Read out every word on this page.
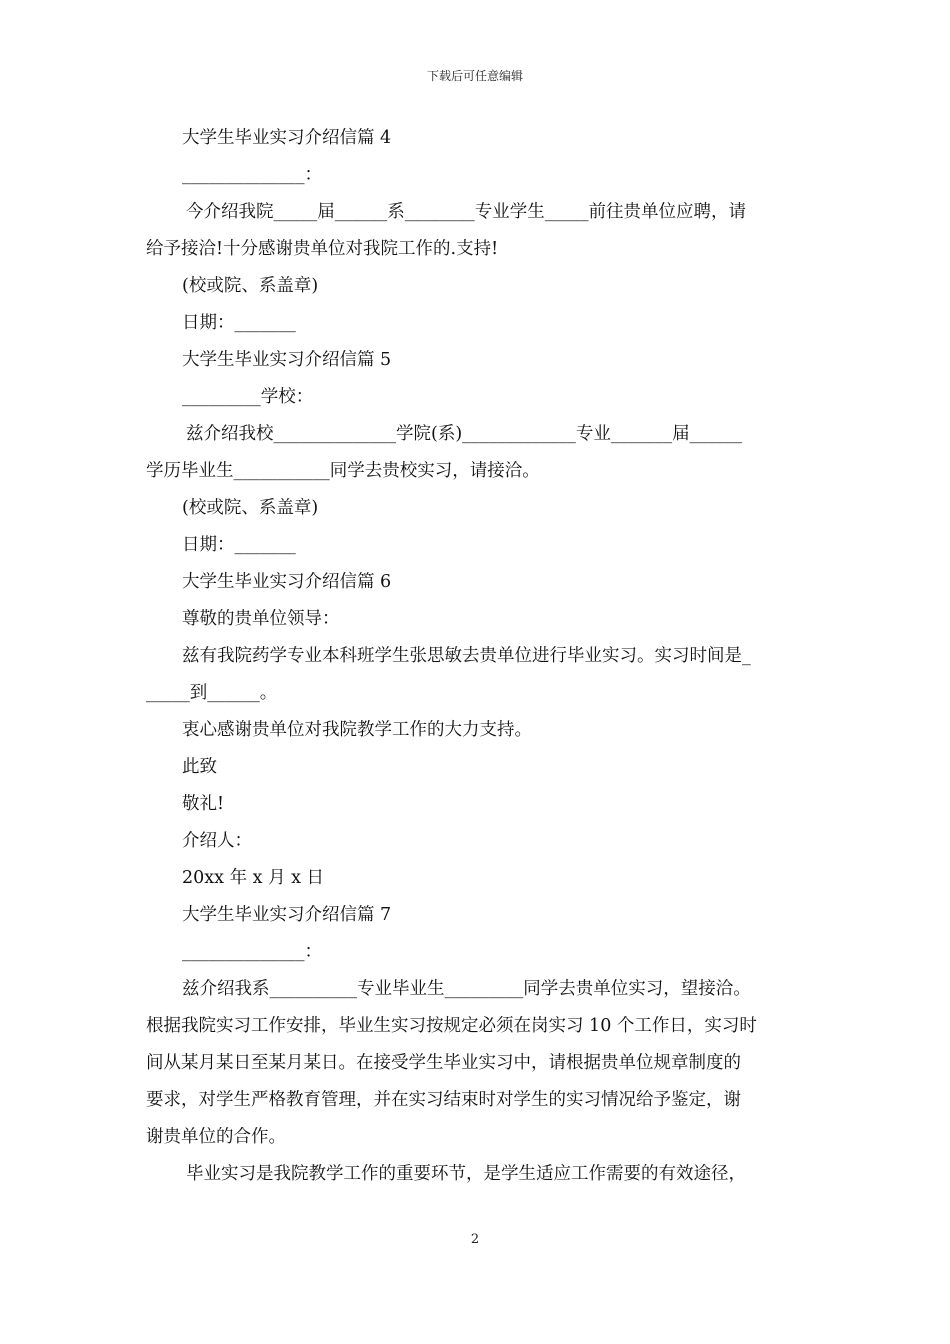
下载后可任意编辑
大学生毕业实习介绍信篇 4
______________：
今介绍我院_____届______系________专业学生_____前往贵单位应聘，请
给予接洽!十分感谢贵单位对我院工作的.支持!
(校或院、系盖章)
日期：_______
大学生毕业实习介绍信篇 5
_________学校：
兹介绍我校______________学院(系)_____________专业_______届______
学历毕业生___________同学去贵校实习，请接洽。
(校或院、系盖章)
日期：_______
大学生毕业实习介绍信篇 6
尊敬的贵单位领导：
兹有我院药学专业本科班学生张思敏去贵单位进行毕业实习。实习时间是_
_____到______。
衷心感谢贵单位对我院教学工作的大力支持。
此致
敬礼!
介绍人：
20xx 年 x 月 x 日
大学生毕业实习介绍信篇 7
______________：
兹介绍我系__________专业毕业生_________同学去贵单位实习，望接洽。
根据我院实习工作安排，毕业生实习按规定必须在岗实习 10 个工作日，实习时
间从某月某日至某月某日。在接受学生毕业实习中，请根据贵单位规章制度的
要求，对学生严格教育管理，并在实习结束时对学生的实习情况给予鉴定，谢
谢贵单位的合作。
毕业实习是我院教学工作的重要环节，是学生适应工作需要的有效途径，
2
